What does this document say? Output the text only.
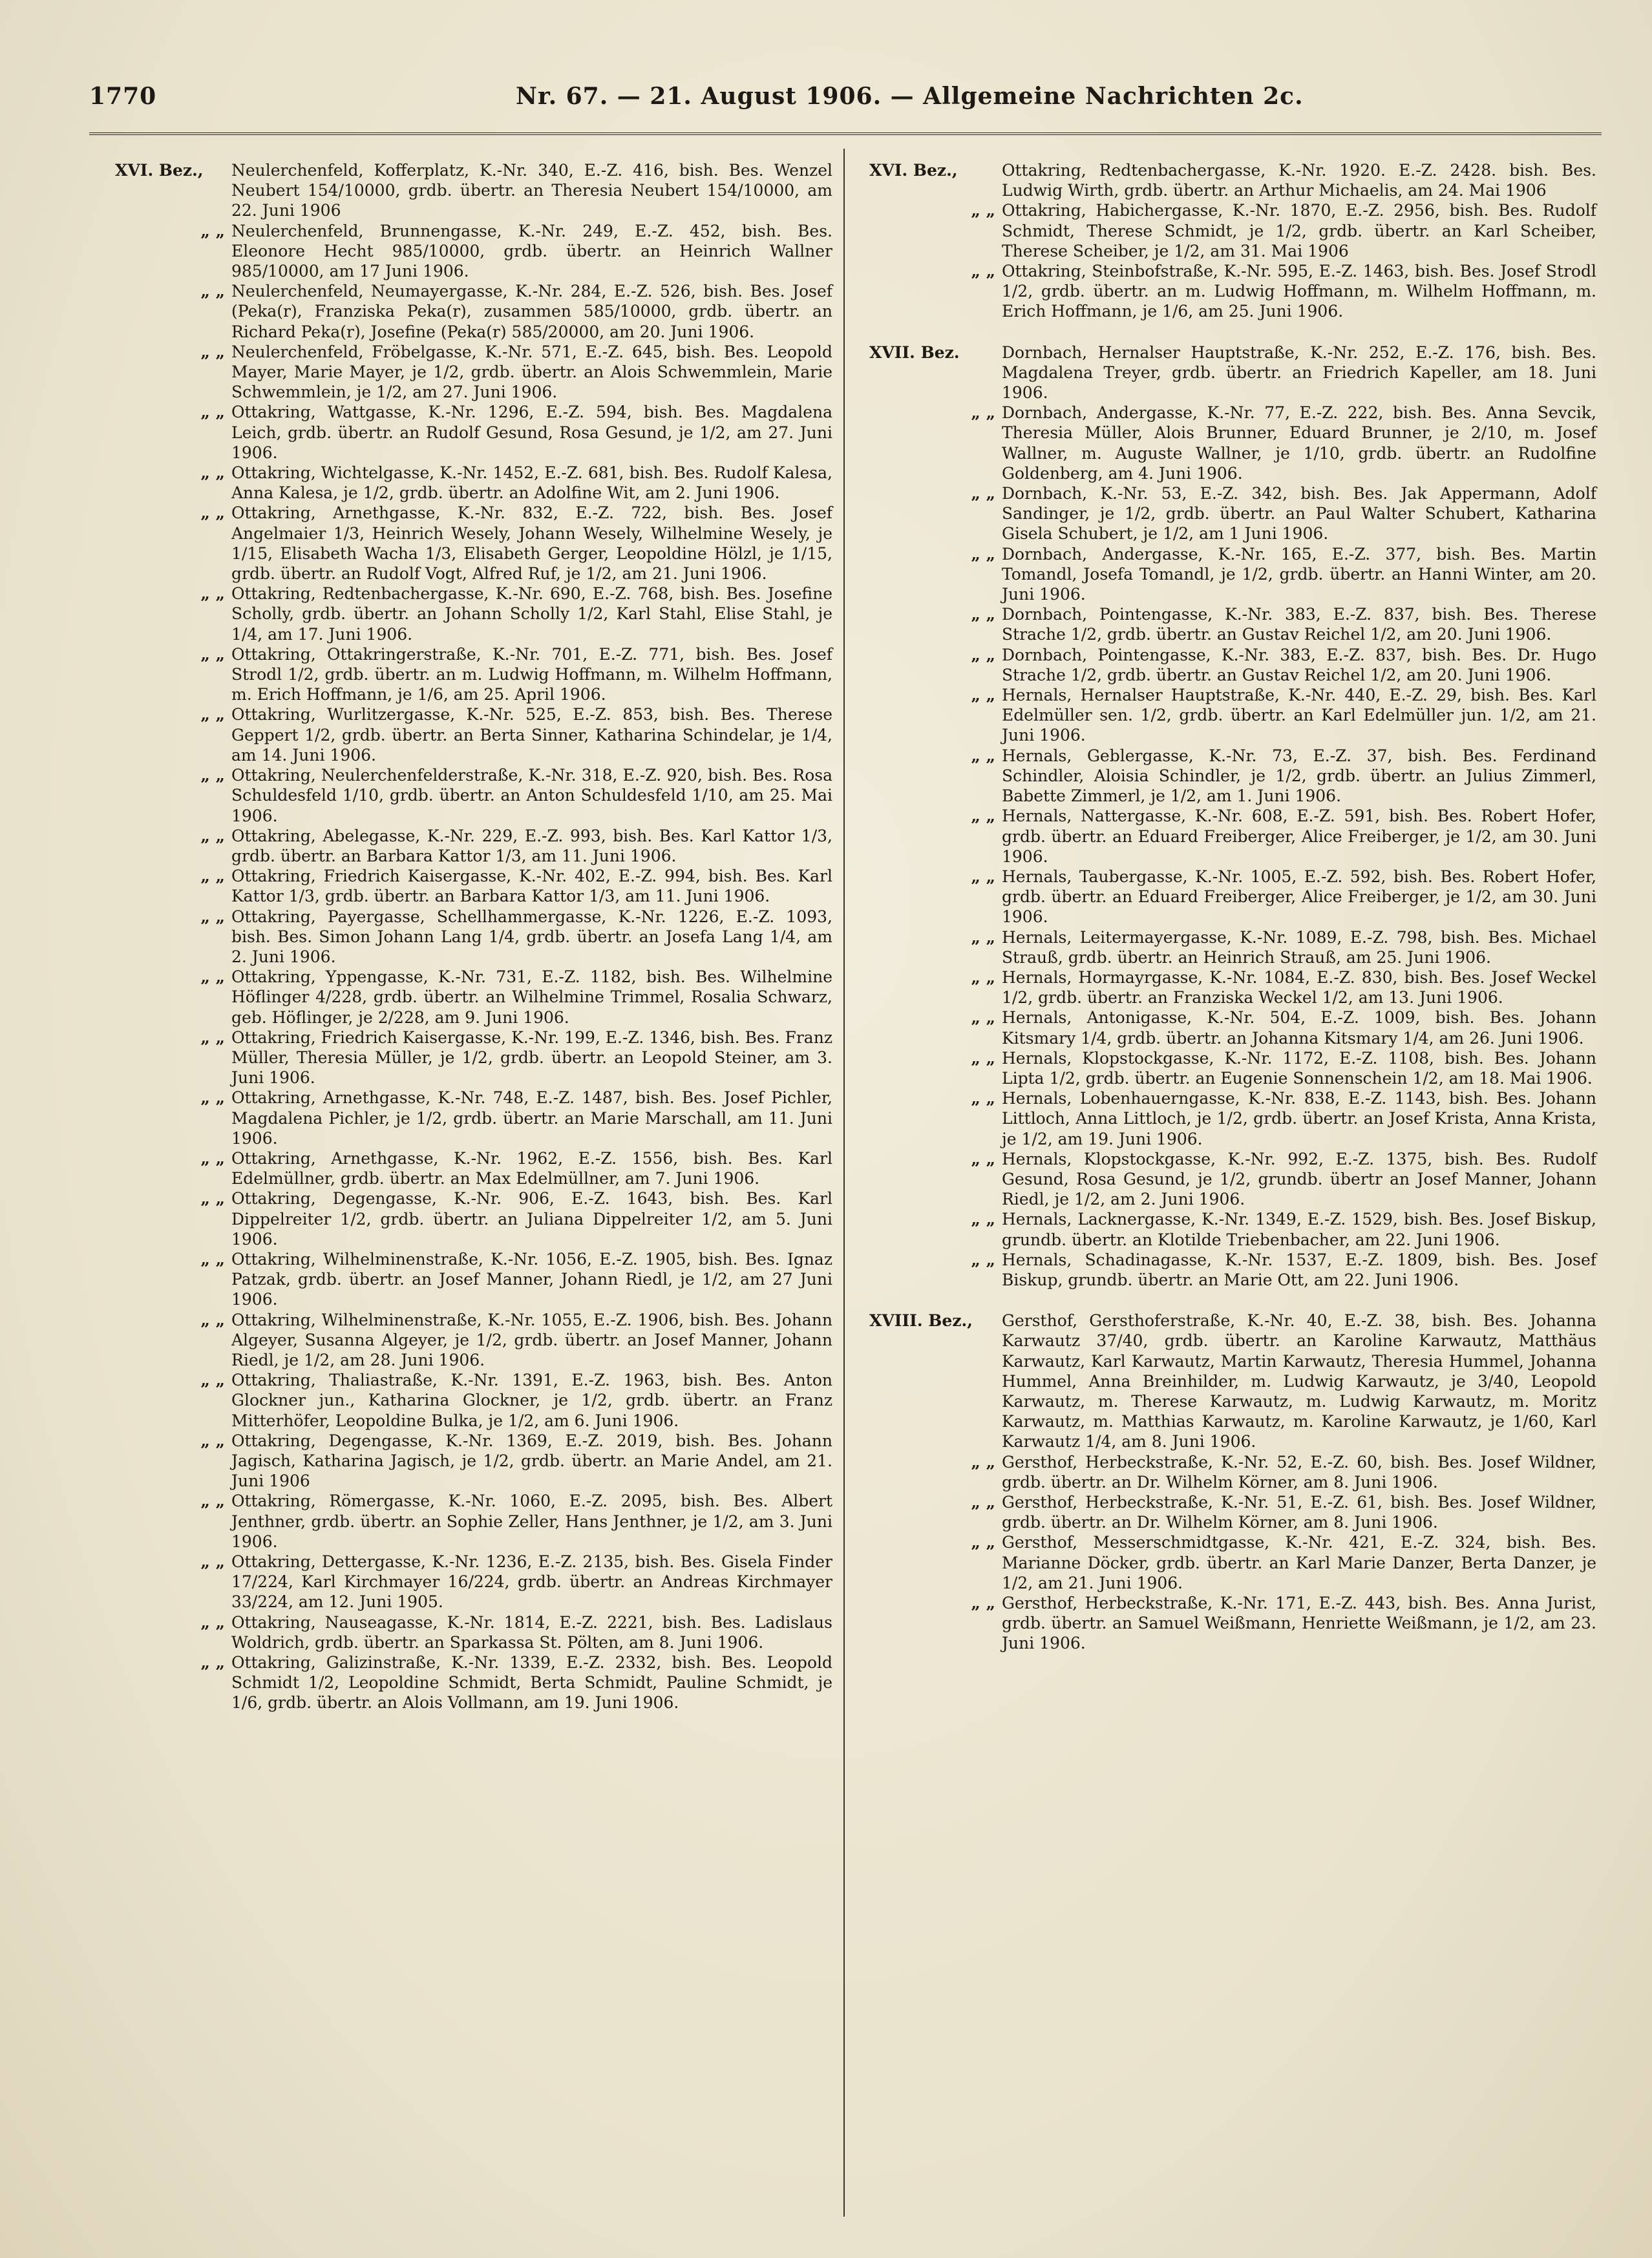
1770	Nr. 67. — 21. August 1906. — Allgemeine Nachrichten 2c.
XVI. Bez.,	Neulerchenfeld, Kofferplatz, K.-Nr. 340, E.-Z. 416, bish. Bes. Wenzel Neubert 154/10000, grdb. übertr. an Theresia Neubert 154/10000, am 22. Juni 1906
„ „ Neulerchenfeld, Brunnengasse, K.-Nr. 249, E.-Z. 452, bish. Bes. Eleonore Hecht 985/10000, grdb. übertr. an Heinrich Wallner 985/10000, am 17 Juni 1906.
„ „ Neulerchenfeld, Neumayergasse, K.-Nr. 284, E.-Z. 526, bish. Bes. Josef (Peka(r), Franziska Peka(r), zusammen 585/10000, grdb. übertr. an Richard Peka(r), Josefine (Peka(r) 585/20000, am 20. Juni 1906.
„ „ Neulerchenfeld, Fröbelgasse, K.-Nr. 571, E.-Z. 645, bish. Bes. Leopold Mayer, Marie Mayer, je 1/2, grdb. übertr. an Alois Schwemmlein, Marie Schwemmlein, je 1/2, am 27. Juni 1906.
„ „ Ottakring, Wattgasse, K.-Nr. 1296, E.-Z. 594, bish. Bes. Magdalena Leich, grdb. übertr. an Rudolf Gesund, Rosa Gesund, je 1/2, am 27. Juni 1906.
„ „ Ottakring, Wichtelgasse, K.-Nr. 1452, E.-Z. 681, bish. Bes. Rudolf Kalesa, Anna Kalesa, je 1/2, grdb. übertr. an Adolfine Wit, am 2. Juni 1906.
„ „ Ottakring, Arnethgasse, K.-Nr. 832, E.-Z. 722, bish. Bes. Josef Angelmaier 1/3, Heinrich Wesely, Johann Wesely, Wilhelmine Wesely, je 1/15, Elisabeth Wacha 1/3, Elisabeth Gerger, Leopoldine Hölzl, je 1/15, grdb. übertr. an Rudolf Vogt, Alfred Ruf, je 1/2, am 21. Juni 1906.
„ „ Ottakring, Redtenbachergasse, K.-Nr. 690, E.-Z. 768, bish. Bes. Josefine Scholly, grdb. übertr. an Johann Scholly 1/2, Karl Stahl, Elise Stahl, je 1/4, am 17. Juni 1906.
„ „ Ottakring, Ottakringerstraße, K.-Nr. 701, E.-Z. 771, bish. Bes. Josef Strodl 1/2, grdb. übertr. an m. Ludwig Hoffmann, m. Wilhelm Hoffmann, m. Erich Hoffmann, je 1/6, am 25. April 1906.
„ „ Ottakring, Wurlitzergasse, K.-Nr. 525, E.-Z. 853, bish. Bes. Therese Geppert 1/2, grdb. übertr. an Berta Sinner, Katharina Schindelar, je 1/4, am 14. Juni 1906.
„ „ Ottakring, Neulerchenfelderstraße, K.-Nr. 318, E.-Z. 920, bish. Bes. Rosa Schuldesfeld 1/10, grdb. übertr. an Anton Schuldesfeld 1/10, am 25. Mai 1906.
„ „ Ottakring, Abelegasse, K.-Nr. 229, E.-Z. 993, bish. Bes. Karl Kattor 1/3, grdb. übertr. an Barbara Kattor 1/3, am 11. Juni 1906.
„ „ Ottakring, Friedrich Kaisergasse, K.-Nr. 402, E.-Z. 994, bish. Bes. Karl Kattor 1/3, grdb. übertr. an Barbara Kattor 1/3, am 11. Juni 1906.
„ „ Ottakring, Payergasse, Schellhammergasse, K.-Nr. 1226, E.-Z. 1093, bish. Bes. Simon Johann Lang 1/4, grdb. übertr. an Josefa Lang 1/4, am 2. Juni 1906.
„ „ Ottakring, Yppengasse, K.-Nr. 731, E.-Z. 1182, bish. Bes. Wilhelmine Höflinger 4/228, grdb. übertr. an Wilhelmine Trimmel, Rosalia Schwarz, geb. Höflinger, je 2/228, am 9. Juni 1906.
„ „ Ottakring, Friedrich Kaisergasse, K.-Nr. 199, E.-Z. 1346, bish. Bes. Franz Müller, Theresia Müller, je 1/2, grdb. übertr. an Leopold Steiner, am 3. Juni 1906.
„ „ Ottakring, Arnethgasse, K.-Nr. 748, E.-Z. 1487, bish. Bes. Josef Pichler, Magdalena Pichler, je 1/2, grdb. übertr. an Marie Marschall, am 11. Juni 1906.
„ „ Ottakring, Arnethgasse, K.-Nr. 1962, E.-Z. 1556, bish. Bes. Karl Edelmüllner, grdb. übertr. an Max Edelmüllner, am 7. Juni 1906.
„ „ Ottakring, Degengasse, K.-Nr. 906, E.-Z. 1643, bish. Bes. Karl Dippelreiter 1/2, grdb. übertr. an Juliana Dippelreiter 1/2, am 5. Juni 1906.
„ „ Ottakring, Wilhelminenstraße, K.-Nr. 1056, E.-Z. 1905, bish. Bes. Ignaz Patzak, grdb. übertr. an Josef Manner, Johann Riedl, je 1/2, am 27 Juni 1906.
„ „ Ottakring, Wilhelminenstraße, K.-Nr. 1055, E.-Z. 1906, bish. Bes. Johann Algeyer, Susanna Algeyer, je 1/2, grdb. übertr. an Josef Manner, Johann Riedl, je 1/2, am 28. Juni 1906.
„ „ Ottakring, Thaliastraße, K.-Nr. 1391, E.-Z. 1963, bish. Bes. Anton Glockner jun., Katharina Glockner, je 1/2, grdb. übertr. an Franz Mitterhöfer, Leopoldine Bulka, je 1/2, am 6. Juni 1906.
„ „ Ottakring, Degengasse, K.-Nr. 1369, E.-Z. 2019, bish. Bes. Johann Jagisch, Katharina Jagisch, je 1/2, grdb. übertr. an Marie Andel, am 21. Juni 1906
„ „ Ottakring, Römergasse, K.-Nr. 1060, E.-Z. 2095, bish. Bes. Albert Jenthner, grdb. übertr. an Sophie Zeller, Hans Jenthner, je 1/2, am 3. Juni 1906.
„ „ Ottakring, Dettergasse, K.-Nr. 1236, E.-Z. 2135, bish. Bes. Gisela Finder 17/224, Karl Kirchmayer 16/224, grdb. übertr. an Andreas Kirchmayer 33/224, am 12. Juni 1905.
„ „ Ottakring, Nauseagasse, K.-Nr. 1814, E.-Z. 2221, bish. Bes. Ladislaus Woldrich, grdb. übertr. an Sparkassa St. Pölten, am 8. Juni 1906.
„ „ Ottakring, Galizinstraße, K.-Nr. 1339, E.-Z. 2332, bish. Bes. Leopold Schmidt 1/2, Leopoldine Schmidt, Berta Schmidt, Pauline Schmidt, je 1/6, grdb. übertr. an Alois Vollmann, am 19. Juni 1906.
XVI. Bez.,	Ottakring, Redtenbachergasse, K.-Nr. 1920. E.-Z. 2428. bish. Bes. Ludwig Wirth, grdb. übertr. an Arthur Michaelis, am 24. Mai 1906
„ „ Ottakring, Habichergasse, K.-Nr. 1870, E.-Z. 2956, bish. Bes. Rudolf Schmidt, Therese Schmidt, je 1/2, grdb. übertr. an Karl Scheiber, Therese Scheiber, je 1/2, am 31. Mai 1906
„ „ Ottakring, Steinbofstraße, K.-Nr. 595, E.-Z. 1463, bish. Bes. Josef Strodl 1/2, grdb. übertr. an m. Ludwig Hoffmann, m. Wilhelm Hoffmann, m. Erich Hoffmann, je 1/6, am 25. Juni 1906.
XVII. Bez.	Dornbach, Hernalser Hauptstraße, K.-Nr. 252, E.-Z. 176, bish. Bes. Magdalena Treyer, grdb. übertr. an Friedrich Kapeller, am 18. Juni 1906.
„ „ Dornbach, Andergasse, K.-Nr. 77, E.-Z. 222, bish. Bes. Anna Sevcik, Theresia Müller, Alois Brunner, Eduard Brunner, je 2/10, m. Josef Wallner, m. Auguste Wallner, je 1/10, grdb. übertr. an Rudolfine Goldenberg, am 4. Juni 1906.
„ „ Dornbach, K.-Nr. 53, E.-Z. 342, bish. Bes. Jak Appermann, Adolf Sandinger, je 1/2, grdb. übertr. an Paul Walter Schubert, Katharina Gisela Schubert, je 1/2, am 1 Juni 1906.
„ „ Dornbach, Andergasse, K.-Nr. 165, E.-Z. 377, bish. Bes. Martin Tomandl, Josefa Tomandl, je 1/2, grdb. übertr. an Hanni Winter, am 20. Juni 1906.
„ „ Dornbach, Pointengasse, K.-Nr. 383, E.-Z. 837, bish. Bes. Therese Strache 1/2, grdb. übertr. an Gustav Reichel 1/2, am 20. Juni 1906.
„ „ Dornbach, Pointengasse, K.-Nr. 383, E.-Z. 837, bish. Bes. Dr. Hugo Strache 1/2, grdb. übertr. an Gustav Reichel 1/2, am 20. Juni 1906.
„ „ Hernals, Hernalser Hauptstraße, K.-Nr. 440, E.-Z. 29, bish. Bes. Karl Edelmüller sen. 1/2, grdb. übertr. an Karl Edelmüller jun. 1/2, am 21. Juni 1906.
„ „ Hernals, Geblergasse, K.-Nr. 73, E.-Z. 37, bish. Bes. Ferdinand Schindler, Aloisia Schindler, je 1/2, grdb. übertr. an Julius Zimmerl, Babette Zimmerl, je 1/2, am 1. Juni 1906.
„ „ Hernals, Nattergasse, K.-Nr. 608, E.-Z. 591, bish. Bes. Robert Hofer, grdb. übertr. an Eduard Freiberger, Alice Freiberger, je 1/2, am 30. Juni 1906.
„ „ Hernals, Taubergasse, K.-Nr. 1005, E.-Z. 592, bish. Bes. Robert Hofer, grdb. übertr. an Eduard Freiberger, Alice Freiberger, je 1/2, am 30. Juni 1906.
„ „ Hernals, Leitermayergasse, K.-Nr. 1089, E.-Z. 798, bish. Bes. Michael Strauß, grdb. übertr. an Heinrich Strauß, am 25. Juni 1906.
„ „ Hernals, Hormayrgasse, K.-Nr. 1084, E.-Z. 830, bish. Bes. Josef Weckel 1/2, grdb. übertr. an Franziska Weckel 1/2, am 13. Juni 1906.
„ „ Hernals, Antonigasse, K.-Nr. 504, E.-Z. 1009, bish. Bes. Johann Kitsmary 1/4, grdb. übertr. an Johanna Kitsmary 1/4, am 26. Juni 1906.
„ „ Hernals, Klopstockgasse, K.-Nr. 1172, E.-Z. 1108, bish. Bes. Johann Lipta 1/2, grdb. übertr. an Eugenie Sonnenschein 1/2, am 18. Mai 1906.
„ „ Hernals, Lobenhauerngasse, K.-Nr. 838, E.-Z. 1143, bish. Bes. Johann Littloch, Anna Littloch, je 1/2, grdb. übertr. an Josef Krista, Anna Krista, je 1/2, am 19. Juni 1906.
„ „ Hernals, Klopstockgasse, K.-Nr. 992, E.-Z. 1375, bish. Bes. Rudolf Gesund, Rosa Gesund, je 1/2, grundb. übertr an Josef Manner, Johann Riedl, je 1/2, am 2. Juni 1906.
„ „ Hernals, Lacknergasse, K.-Nr. 1349, E.-Z. 1529, bish. Bes. Josef Biskup, grundb. übertr. an Klotilde Triebenbacher, am 22. Juni 1906.
„ „ Hernals, Schadinagasse, K.-Nr. 1537, E.-Z. 1809, bish. Bes. Josef Biskup, grundb. übertr. an Marie Ott, am 22. Juni 1906.
XVIII. Bez.,	Gersthof, Gersthoferstraße, K.-Nr. 40, E.-Z. 38, bish. Bes. Johanna Karwautz 37/40, grdb. übertr. an Karoline Karwautz, Matthäus Karwautz, Karl Karwautz, Martin Karwautz, Theresia Hummel, Johanna Hummel, Anna Breinhilder, m. Ludwig Karwautz, je 3/40, Leopold Karwautz, m. Therese Karwautz, m. Ludwig Karwautz, m. Moritz Karwautz, m. Matthias Karwautz, m. Karoline Karwautz, je 1/60, Karl Karwautz 1/4, am 8. Juni 1906.
„ „ Gersthof, Herbeckstraße, K.-Nr. 52, E.-Z. 60, bish. Bes. Josef Wildner, grdb. übertr. an Dr. Wilhelm Körner, am 8. Juni 1906.
„ „ Gersthof, Herbeckstraße, K.-Nr. 51, E.-Z. 61, bish. Bes. Josef Wildner, grdb. übertr. an Dr. Wilhelm Körner, am 8. Juni 1906.
„ „ Gersthof, Messerschmidtgasse, K.-Nr. 421, E.-Z. 324, bish. Bes. Marianne Döcker, grdb. übertr. an Karl Marie Danzer, Berta Danzer, je 1/2, am 21. Juni 1906.
„ „ Gersthof, Herbeckstraße, K.-Nr. 171, E.-Z. 443, bish. Bes. Anna Jurist, grdb. übertr. an Samuel Weißmann, Henriette Weißmann, je 1/2, am 23. Juni 1906.
